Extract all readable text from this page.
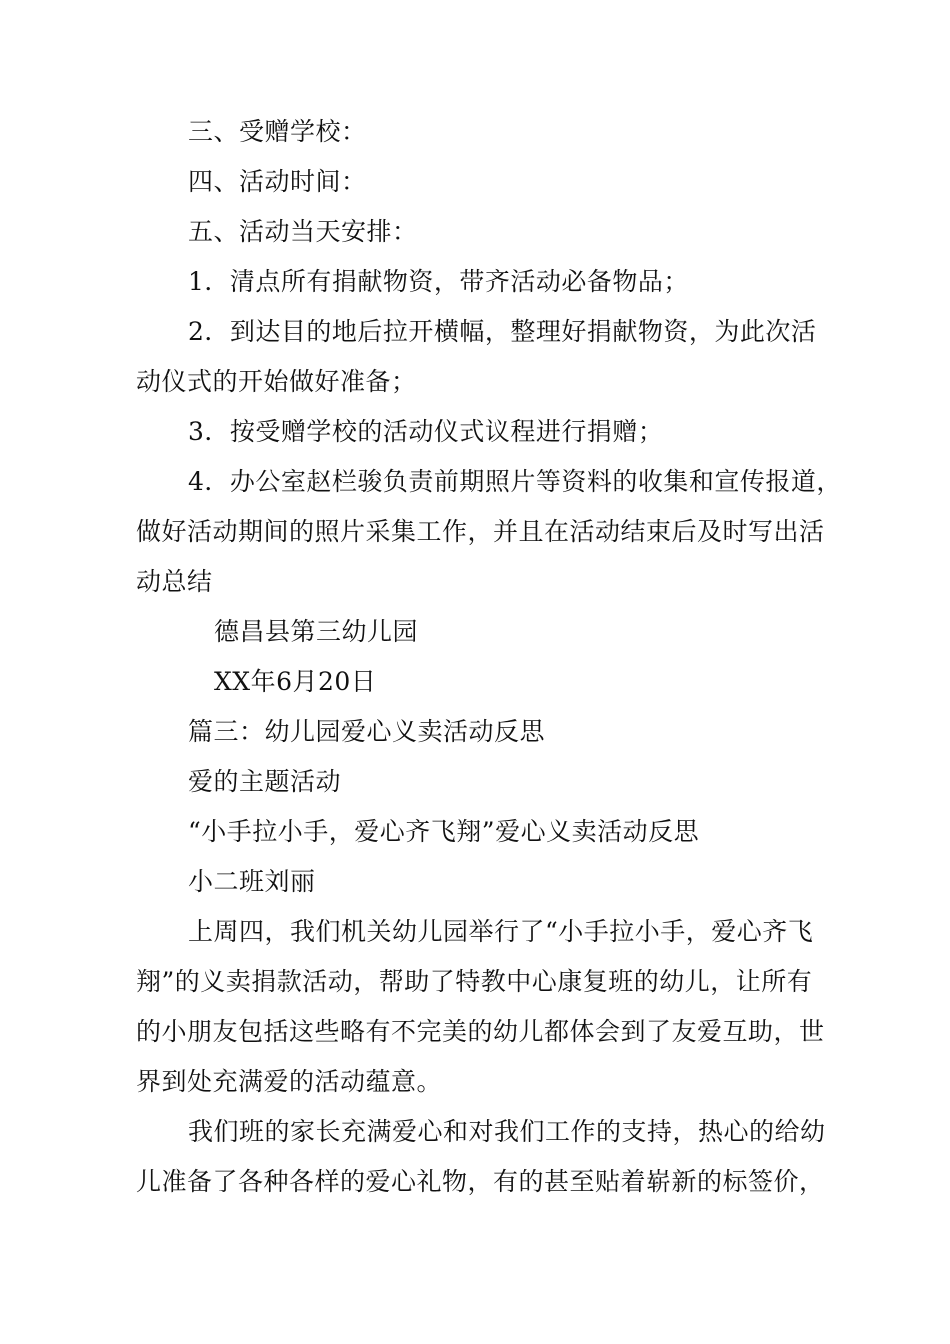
三、受赠学校：
四、活动时间：
五、活动当天安排：
1．清点所有捐献物资，带齐活动必备物品；
2．到达目的地后拉开横幅，整理好捐献物资，为此次活
动仪式的开始做好准备；
3．按受赠学校的活动仪式议程进行捐赠；
4．办公室赵栏骏负责前期照片等资料的收集和宣传报道，
做好活动期间的照片采集工作，并且在活动结束后及时写出活
动总结
德昌县第三幼儿园
XX年6月20日
篇三：幼儿园爱心义卖活动反思
爱的主题活动
“小手拉小手，爱心齐飞翔”爱心义卖活动反思
小二班刘丽
上周四，我们机关幼儿园举行了“小手拉小手，爱心齐飞
翔”的义卖捐款活动，帮助了特教中心康复班的幼儿，让所有
的小朋友包括这些略有不完美的幼儿都体会到了友爱互助，世
界到处充满爱的活动蕴意。
我们班的家长充满爱心和对我们工作的支持，热心的给幼
儿准备了各种各样的爱心礼物，有的甚至贴着崭新的标签价，
